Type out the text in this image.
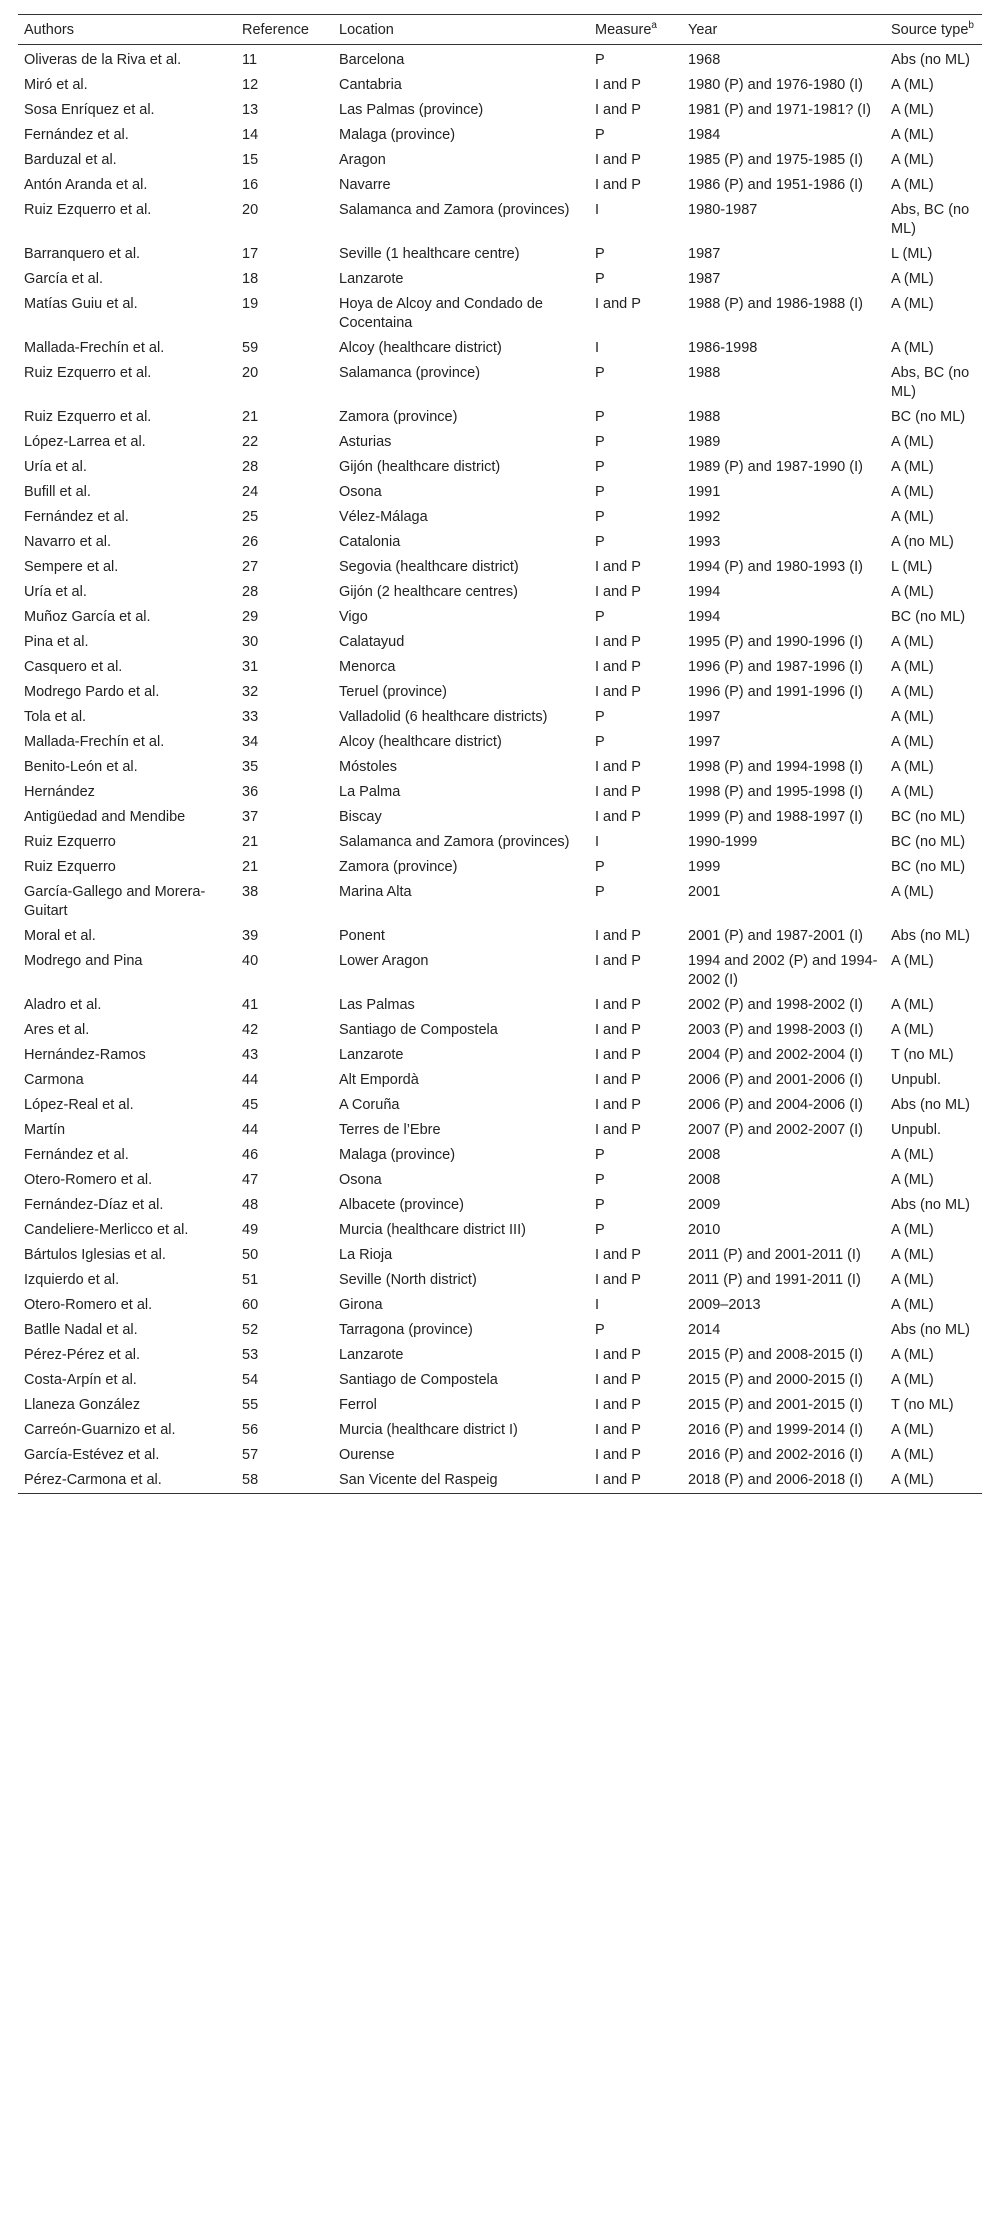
Authors	Reference	Location	Measure$^a$	Year	Source type$^b$
Oliveras de la Riva et al.	11	Barcelona	P	1968	Abs (no ML)
Miró et al.	12	Cantabria	I and P	1980 (P) and 1976-1980 (I)	A (ML)
Sosa Enríquez et al.	13	Las Palmas (province)	I and P	1981 (P) and 1971-1981? (I)	A (ML)
Fernández et al.	14	Malaga (province)	P	1984	A (ML)
Barduzal et al.	15	Aragon	I and P	1985 (P) and 1975-1985 (I)	A (ML)
Antón Aranda et al.	16	Navarre	I and P	1986 (P) and 1951-1986 (I)	A (ML)
Ruiz Ezquerro et al.	20	Salamanca and Zamora (provinces)	I	1980-1987	Abs, BC (no ML)
Barranquero et al.	17	Seville (1 healthcare centre)	P	1987	L (ML)
García et al.	18	Lanzarote	P	1987	A (ML)
Matías Guiu et al.	19	Hoya de Alcoy and Condado de Cocentaina	I and P	1988 (P) and 1986-1988 (I)	A (ML)
Mallada-Frechín et al.	59	Alcoy (healthcare district)	I	1986-1998	A (ML)
Ruiz Ezquerro et al.	20	Salamanca (province)	P	1988	Abs, BC (no ML)
Ruiz Ezquerro et al.	21	Zamora (province)	P	1988	BC (no ML)
López-Larrea et al.	22	Asturias	P	1989	A (ML)
Uría et al.	28	Gijón (healthcare district)	P	1989 (P) and 1987-1990 (I)	A (ML)
Bufill et al.	24	Osona	P	1991	A (ML)
Fernández et al.	25	Vélez-Málaga	P	1992	A (ML)
Navarro et al.	26	Catalonia	P	1993	A (no ML)
Sempere et al.	27	Segovia (healthcare district)	I and P	1994 (P) and 1980-1993 (I)	L (ML)
Uría et al.	28	Gijón (2 healthcare centres)	I and P	1994	A (ML)
Muñoz García et al.	29	Vigo	P	1994	BC (no ML)
Pina et al.	30	Calatayud	I and P	1995 (P) and 1990-1996 (I)	A (ML)
Casquero et al.	31	Menorca	I and P	1996 (P) and 1987-1996 (I)	A (ML)
Modrego Pardo et al.	32	Teruel (province)	I and P	1996 (P) and 1991-1996 (I)	A (ML)
Tola et al.	33	Valladolid (6 healthcare districts)	P	1997	A (ML)
Mallada-Frechín et al.	34	Alcoy (healthcare district)	P	1997	A (ML)
Benito-León et al.	35	Móstoles	I and P	1998 (P) and 1994-1998 (I)	A (ML)
Hernández	36	La Palma	I and P	1998 (P) and 1995-1998 (I)	A (ML)
Antigüedad and Mendibe	37	Biscay	I and P	1999 (P) and 1988-1997 (I)	BC (no ML)
Ruiz Ezquerro	21	Salamanca and Zamora (provinces)	I	1990-1999	BC (no ML)
Ruiz Ezquerro	21	Zamora (province)	P	1999	BC (no ML)
García-Gallego and Morera-Guitart	38	Marina Alta	P	2001	A (ML)
Moral et al.	39	Ponent	I and P	2001 (P) and 1987-2001 (I)	Abs (no ML)
Modrego and Pina	40	Lower Aragon	I and P	1994 and 2002 (P) and 1994-2002 (I)	A (ML)
Aladro et al.	41	Las Palmas	I and P	2002 (P) and 1998-2002 (I)	A (ML)
Ares et al.	42	Santiago de Compostela	I and P	2003 (P) and 1998-2003 (I)	A (ML)
Hernández-Ramos	43	Lanzarote	I and P	2004 (P) and 2002-2004 (I)	T (no ML)
Carmona	44	Alt Empordà	I and P	2006 (P) and 2001-2006 (I)	Unpubl.
López-Real et al.	45	A Coruña	I and P	2006 (P) and 2004-2006 (I)	Abs (no ML)
Martín	44	Terres de l’Ebre	I and P	2007 (P) and 2002-2007 (I)	Unpubl.
Fernández et al.	46	Malaga (province)	P	2008	A (ML)
Otero-Romero et al.	47	Osona	P	2008	A (ML)
Fernández-Díaz et al.	48	Albacete (province)	P	2009	Abs (no ML)
Candeliere-Merlicco et al.	49	Murcia (healthcare district III)	P	2010	A (ML)
Bártulos Iglesias et al.	50	La Rioja	I and P	2011 (P) and 2001-2011 (I)	A (ML)
Izquierdo et al.	51	Seville (North district)	I and P	2011 (P) and 1991-2011 (I)	A (ML)
Otero-Romero et al.	60	Girona	I	2009–2013	A (ML)
Batlle Nadal et al.	52	Tarragona (province)	P	2014	Abs (no ML)
Pérez-Pérez et al.	53	Lanzarote	I and P	2015 (P) and 2008-2015 (I)	A (ML)
Costa-Arpín et al.	54	Santiago de Compostela	I and P	2015 (P) and 2000-2015 (I)	A (ML)
Llaneza González	55	Ferrol	I and P	2015 (P) and 2001-2015 (I)	T (no ML)
Carreón-Guarnizo et al.	56	Murcia (healthcare district I)	I and P	2016 (P) and 1999-2014 (I)	A (ML)
García-Estévez et al.	57	Ourense	I and P	2016 (P) and 2002-2016 (I)	A (ML)
Pérez-Carmona et al.	58	San Vicente del Raspeig	I and P	2018 (P) and 2006-2018 (I)	A (ML)
